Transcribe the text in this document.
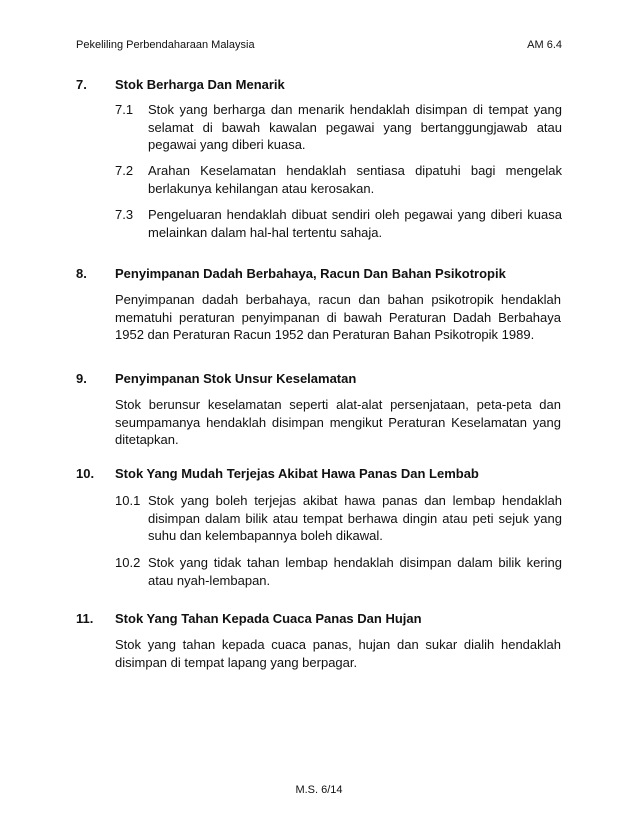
Pekeliling Perbendaharaan Malaysia	AM 6.4
7. Stok Berharga Dan Menarik
7.1 Stok yang berharga dan menarik hendaklah disimpan di tempat yang selamat di bawah kawalan pegawai yang bertanggungjawab atau pegawai yang diberi kuasa.
7.2 Arahan Keselamatan hendaklah sentiasa dipatuhi bagi mengelak berlakunya kehilangan atau kerosakan.
7.3 Pengeluaran hendaklah dibuat sendiri oleh pegawai yang diberi kuasa melainkan dalam hal-hal tertentu sahaja.
8. Penyimpanan Dadah Berbahaya, Racun Dan Bahan Psikotropik
Penyimpanan dadah berbahaya, racun dan bahan psikotropik hendaklah mematuhi peraturan penyimpanan di bawah Peraturan Dadah Berbahaya 1952 dan Peraturan Racun 1952 dan Peraturan Bahan Psikotropik 1989.
9. Penyimpanan Stok Unsur Keselamatan
Stok berunsur keselamatan seperti alat-alat persenjataan, peta-peta dan seumpamanya hendaklah disimpan mengikut Peraturan Keselamatan yang ditetapkan.
10. Stok Yang Mudah Terjejas Akibat Hawa Panas Dan Lembab
10.1 Stok yang boleh terjejas akibat hawa panas dan lembap hendaklah disimpan dalam bilik atau tempat berhawa dingin atau peti sejuk yang suhu dan kelembapannya boleh dikawal.
10.2 Stok yang tidak tahan lembap hendaklah disimpan dalam bilik kering atau nyah-lembapan.
11. Stok Yang Tahan Kepada Cuaca Panas Dan Hujan
Stok yang tahan kepada cuaca panas, hujan dan sukar dialih hendaklah disimpan di tempat lapang yang berpagar.
M.S. 6/14
